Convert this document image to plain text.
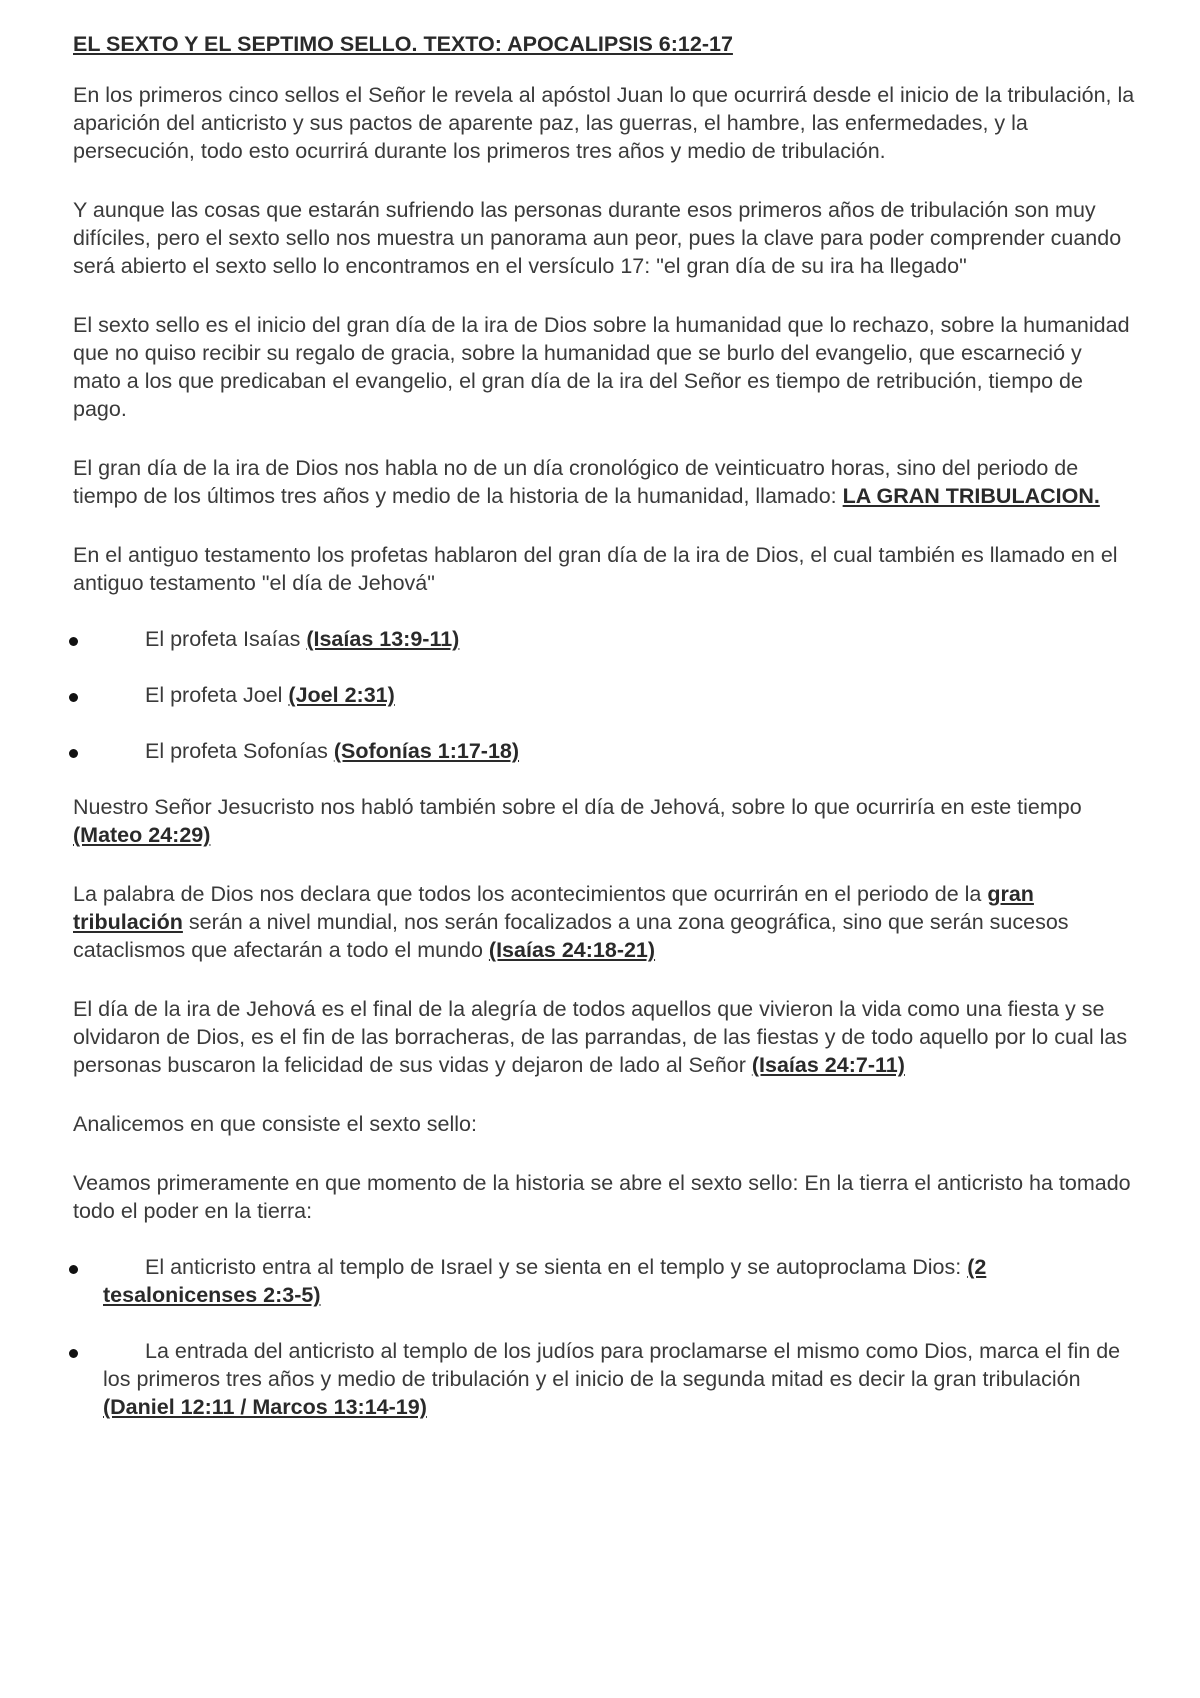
EL SEXTO Y EL SEPTIMO SELLO. TEXTO: APOCALIPSIS 6:12-17

En los primeros cinco sellos el Señor le revela al apóstol Juan lo que ocurrirá desde el inicio de la tribulación, la aparición del anticristo y sus pactos de aparente paz, las guerras, el hambre, las enfermedades, y la persecución, todo esto ocurrirá durante los primeros tres años y medio de tribulación.

Y aunque las cosas que estarán sufriendo las personas durante esos primeros años de tribulación son muy difíciles, pero el sexto sello nos muestra un panorama aun peor, pues la clave para poder comprender cuando será abierto el sexto sello lo encontramos en el versículo 17: "el gran día de su ira ha llegado"

El sexto sello es el inicio del gran día de la ira de Dios sobre la humanidad que lo rechazo, sobre la humanidad que no quiso recibir su regalo de gracia, sobre la humanidad que se burlo del evangelio, que escarneció y mato a los que predicaban el evangelio, el gran día de la ira del Señor es tiempo de retribución, tiempo de pago.

El gran día de la ira de Dios nos habla no de un día cronológico de veinticuatro horas, sino del periodo de tiempo de los últimos tres años y medio de la historia de la humanidad, llamado: LA GRAN TRIBULACION.

En el antiguo testamento los profetas hablaron del gran día de la ira de Dios, el cual también es llamado en el antiguo testamento "el día de Jehová"

El profeta Isaías (Isaías 13:9-11)
El profeta Joel (Joel 2:31)
El profeta Sofonías (Sofonías 1:17-18)

Nuestro Señor Jesucristo nos habló también sobre el día de Jehová, sobre lo que ocurriría en este tiempo (Mateo 24:29)

La palabra de Dios nos declara que todos los acontecimientos que ocurrirán en el periodo de la gran tribulación serán a nivel mundial, nos serán focalizados a una zona geográfica, sino que serán sucesos cataclismos que afectarán a todo el mundo (Isaías 24:18-21)

El día de la ira de Jehová es el final de la alegría de todos aquellos que vivieron la vida como una fiesta y se olvidaron de Dios, es el fin de las borracheras, de las parrandas, de las fiestas y de todo aquello por lo cual las personas buscaron la felicidad de sus vidas y dejaron de lado al Señor (Isaías 24:7-11)

Analicemos en que consiste el sexto sello:

Veamos primeramente en que momento de la historia se abre el sexto sello: En la tierra el anticristo ha tomado todo el poder en la tierra:

El anticristo entra al templo de Israel y se sienta en el templo y se autoproclama Dios: (2 tesalonicenses 2:3-5)
La entrada del anticristo al templo de los judíos para proclamarse el mismo como Dios, marca el fin de los primeros tres años y medio de tribulación y el inicio de la segunda mitad es decir la gran tribulación (Daniel 12:11 / Marcos 13:14-19)
